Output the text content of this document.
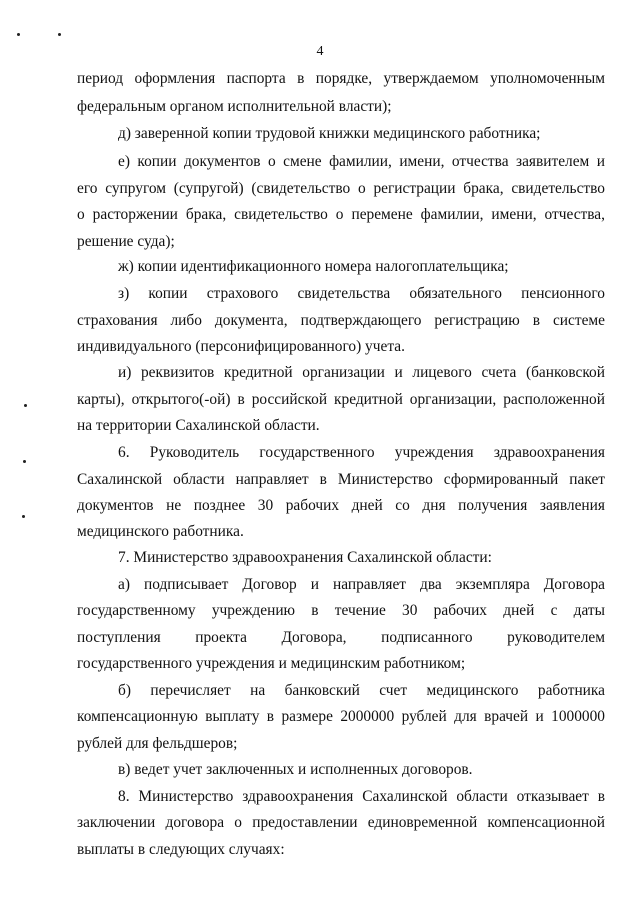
4
период оформления паспорта в порядке, утверждаемом уполномоченным
федеральным органом исполнительной власти);
д) заверенной копии трудовой книжки медицинского работника;
е) копии документов о смене фамилии, имени, отчества заявителем и
его супругом (супругой) (свидетельство о регистрации брака, свидетельство
о расторжении брака, свидетельство о перемене фамилии, имени, отчества,
решение суда);
ж) копии идентификационного номера налогоплательщика;
з) копии страхового свидетельства обязательного пенсионного
страхования либо документа, подтверждающего регистрацию в системе
индивидуального (персонифицированного) учета.
и) реквизитов кредитной организации и лицевого счета (банковской
карты), открытого(-ой) в российской кредитной организации, расположенной
на территории Сахалинской области.
6. Руководитель государственного учреждения здравоохранения
Сахалинской области направляет в Министерство сформированный пакет
документов не позднее 30 рабочих дней со дня получения заявления
медицинского работника.
7. Министерство здравоохранения Сахалинской области:
а) подписывает Договор и направляет два экземпляра Договора
государственному учреждению в течение 30 рабочих дней с даты
поступления проекта Договора, подписанного руководителем
государственного учреждения и медицинским работником;
б) перечисляет на банковский счет медицинского работника
компенсационную выплату в размере 2000000 рублей для врачей и 1000000
рублей для фельдшеров;
в) ведет учет заключенных и исполненных договоров.
8. Министерство здравоохранения Сахалинской области отказывает в
заключении договора о предоставлении единовременной компенсационной
выплаты в следующих случаях:
